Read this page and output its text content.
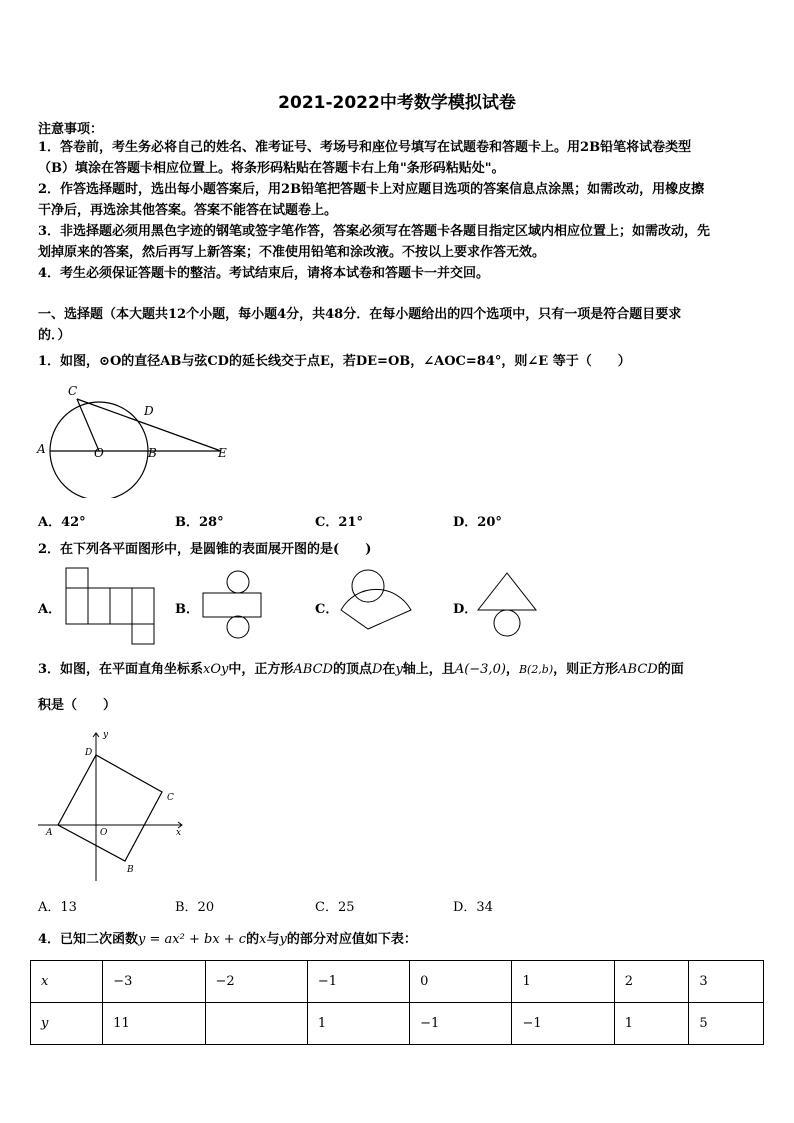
2021-2022中考数学模拟试卷
注意事项：
1．答卷前，考生务必将自己的姓名、准考证号、考场号和座位号填写在试题卷和答题卡上。用2B铅笔将试卷类型
（B）填涂在答题卡相应位置上。将条形码粘贴在答题卡右上角"条形码粘贴处"。
2．作答选择题时，选出每小题答案后，用2B铅笔把答题卡上对应题目选项的答案信息点涂黑；如需改动，用橡皮擦
干净后，再选涂其他答案。答案不能答在试题卷上。
3．非选择题必须用黑色字迹的钢笔或签字笔作答，答案必须写在答题卡各题目指定区域内相应位置上；如需改动，先
划掉原来的答案，然后再写上新答案；不准使用铅笔和涂改液。不按以上要求作答无效。
4．考生必须保证答题卡的整洁。考试结束后，请将本试卷和答题卡一并交回。
一、选择题（本大题共12个小题，每小题4分，共48分．在每小题给出的四个选项中，只有一项是符合题目要求
的．）
1．如图，⊙O的直径AB与弦CD的延长线交于点E，若DE=OB，∠AOC=84°，则∠E 等于（　　）
A
C
D
O	B	E
A．42°	B．28°	C．21°	D．20°
2．在下列各平面图形中，是圆锥的表面展开图的是(　　)
A．	B．	C．	D．
3．如图，在平面直角坐标系xOy中，正方形ABCD的顶点D在y轴上，且A(−3,0)，B(2,b)，则正方形ABCD的面
积是（　　）
y
D
C
A	O	x
B
A．13	B．20	C．25	D．34
4．已知二次函数y = ax² + bx + c的x与y的部分对应值如下表：
x	−3	−2	−1	0	1	2	3
y	11		1	−1	−1	1	5
